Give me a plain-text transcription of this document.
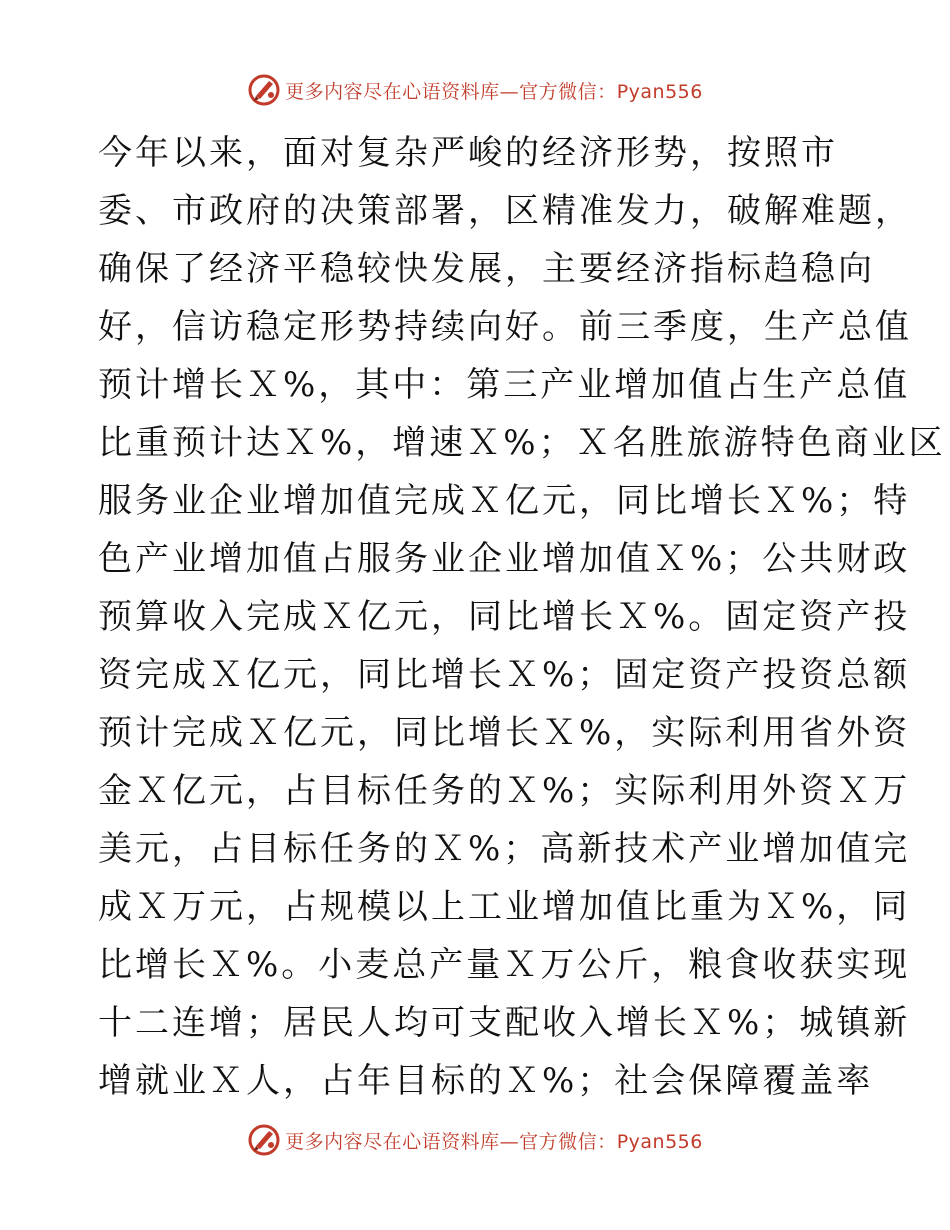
更多内容尽在心语资料库—官方微信：Pyan556
今年以来，面对复杂严峻的经济形势，按照市
委、市政府的决策部署，区精准发力，破解难题，
确保了经济平稳较快发展，主要经济指标趋稳向
好，信访稳定形势持续向好。前三季度，生产总值
预计增长Ｘ%，其中：第三产业增加值占生产总值
比重预计达Ｘ%，增速Ｘ%；Ｘ名胜旅游特色商业区
服务业企业增加值完成Ｘ亿元，同比增长Ｘ%；特
色产业增加值占服务业企业增加值Ｘ%；公共财政
预算收入完成Ｘ亿元，同比增长Ｘ%。固定资产投
资完成Ｘ亿元，同比增长Ｘ%；固定资产投资总额
预计完成Ｘ亿元，同比增长Ｘ%，实际利用省外资
金Ｘ亿元，占目标任务的Ｘ%；实际利用外资Ｘ万
美元，占目标任务的Ｘ%；高新技术产业增加值完
成Ｘ万元，占规模以上工业增加值比重为Ｘ%，同
比增长Ｘ%。小麦总产量Ｘ万公斤，粮食收获实现
十二连增；居民人均可支配收入增长Ｘ%；城镇新
增就业Ｘ人，占年目标的Ｘ%；社会保障覆盖率
更多内容尽在心语资料库—官方微信：Pyan556
